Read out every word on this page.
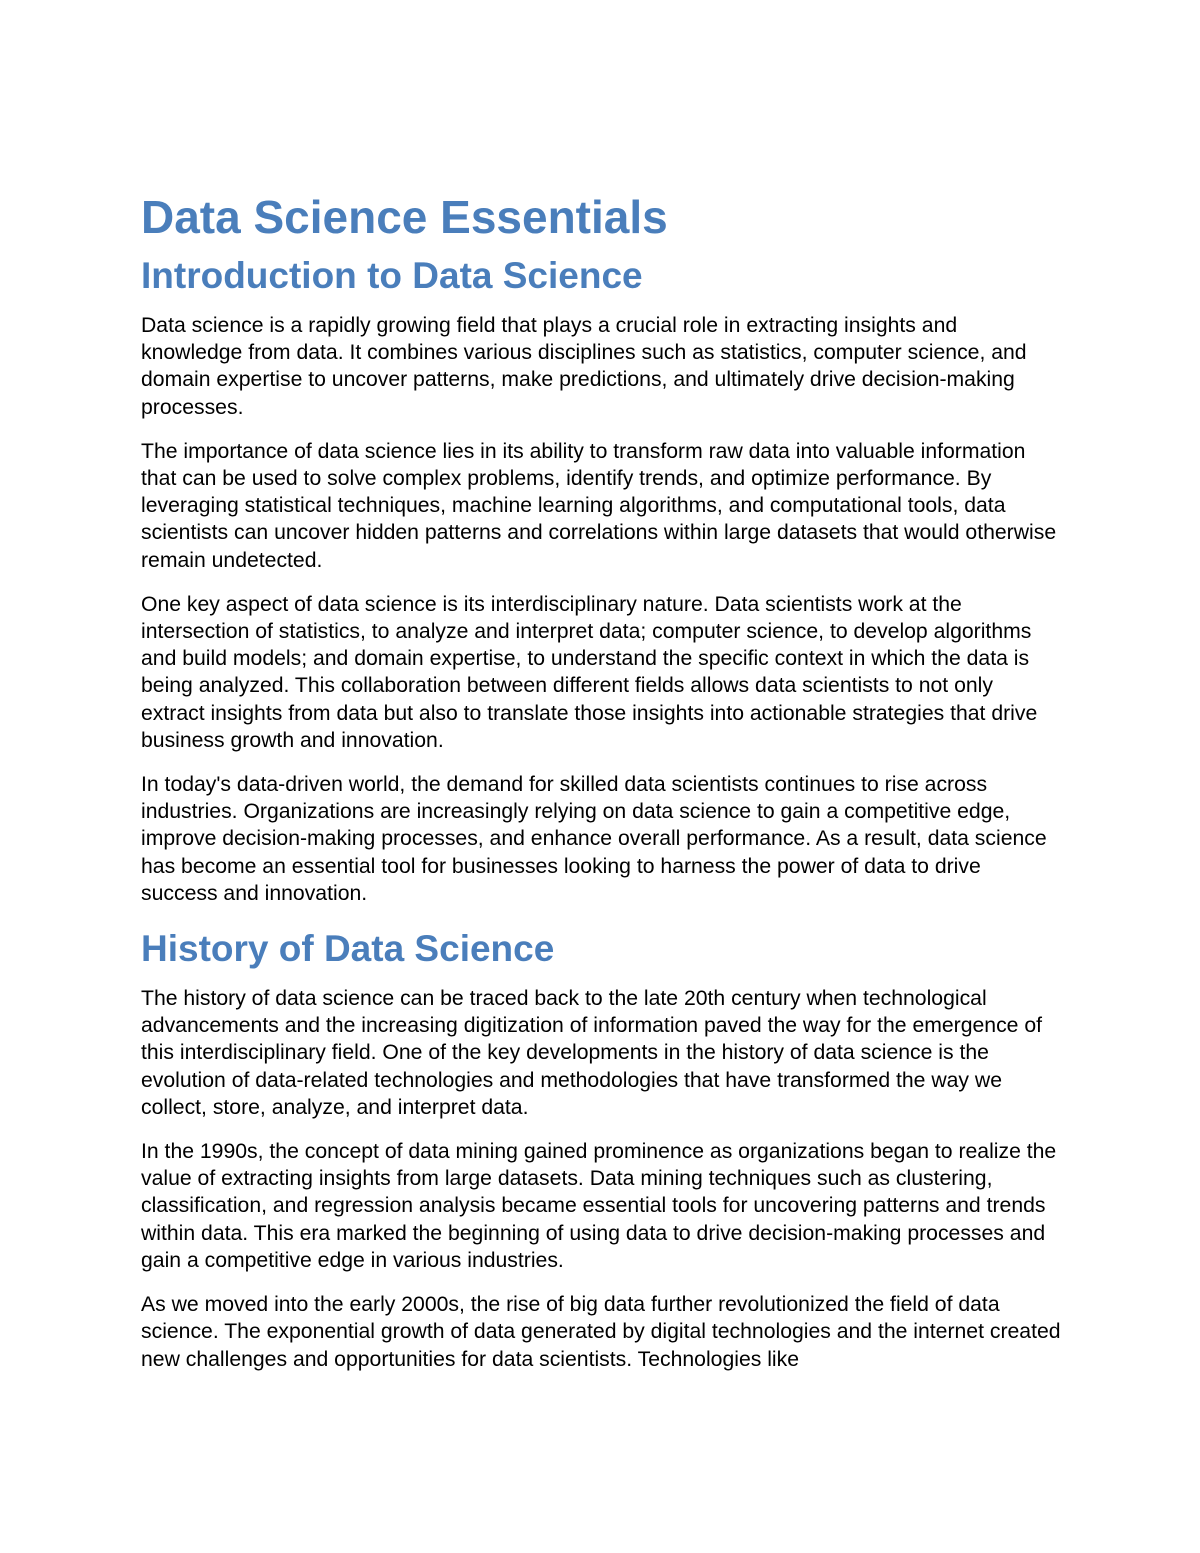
Data Science Essentials
Introduction to Data Science

Data science is a rapidly growing field that plays a crucial role in extracting insights and knowledge from data. It combines various disciplines such as statistics, computer science, and domain expertise to uncover patterns, make predictions, and ultimately drive decision-making processes.

The importance of data science lies in its ability to transform raw data into valuable information that can be used to solve complex problems, identify trends, and optimize performance. By leveraging statistical techniques, machine learning algorithms, and computational tools, data scientists can uncover hidden patterns and correlations within large datasets that would otherwise remain undetected.

One key aspect of data science is its interdisciplinary nature. Data scientists work at the intersection of statistics, to analyze and interpret data; computer science, to develop algorithms and build models; and domain expertise, to understand the specific context in which the data is being analyzed. This collaboration between different fields allows data scientists to not only extract insights from data but also to translate those insights into actionable strategies that drive business growth and innovation.

In today's data-driven world, the demand for skilled data scientists continues to rise across industries. Organizations are increasingly relying on data science to gain a competitive edge, improve decision-making processes, and enhance overall performance. As a result, data science has become an essential tool for businesses looking to harness the power of data to drive success and innovation.

History of Data Science

The history of data science can be traced back to the late 20th century when technological advancements and the increasing digitization of information paved the way for the emergence of this interdisciplinary field. One of the key developments in the history of data science is the evolution of data-related technologies and methodologies that have transformed the way we collect, store, analyze, and interpret data.

In the 1990s, the concept of data mining gained prominence as organizations began to realize the value of extracting insights from large datasets. Data mining techniques such as clustering, classification, and regression analysis became essential tools for uncovering patterns and trends within data. This era marked the beginning of using data to drive decision-making processes and gain a competitive edge in various industries.

As we moved into the early 2000s, the rise of big data further revolutionized the field of data science. The exponential growth of data generated by digital technologies and the internet created new challenges and opportunities for data scientists. Technologies like
